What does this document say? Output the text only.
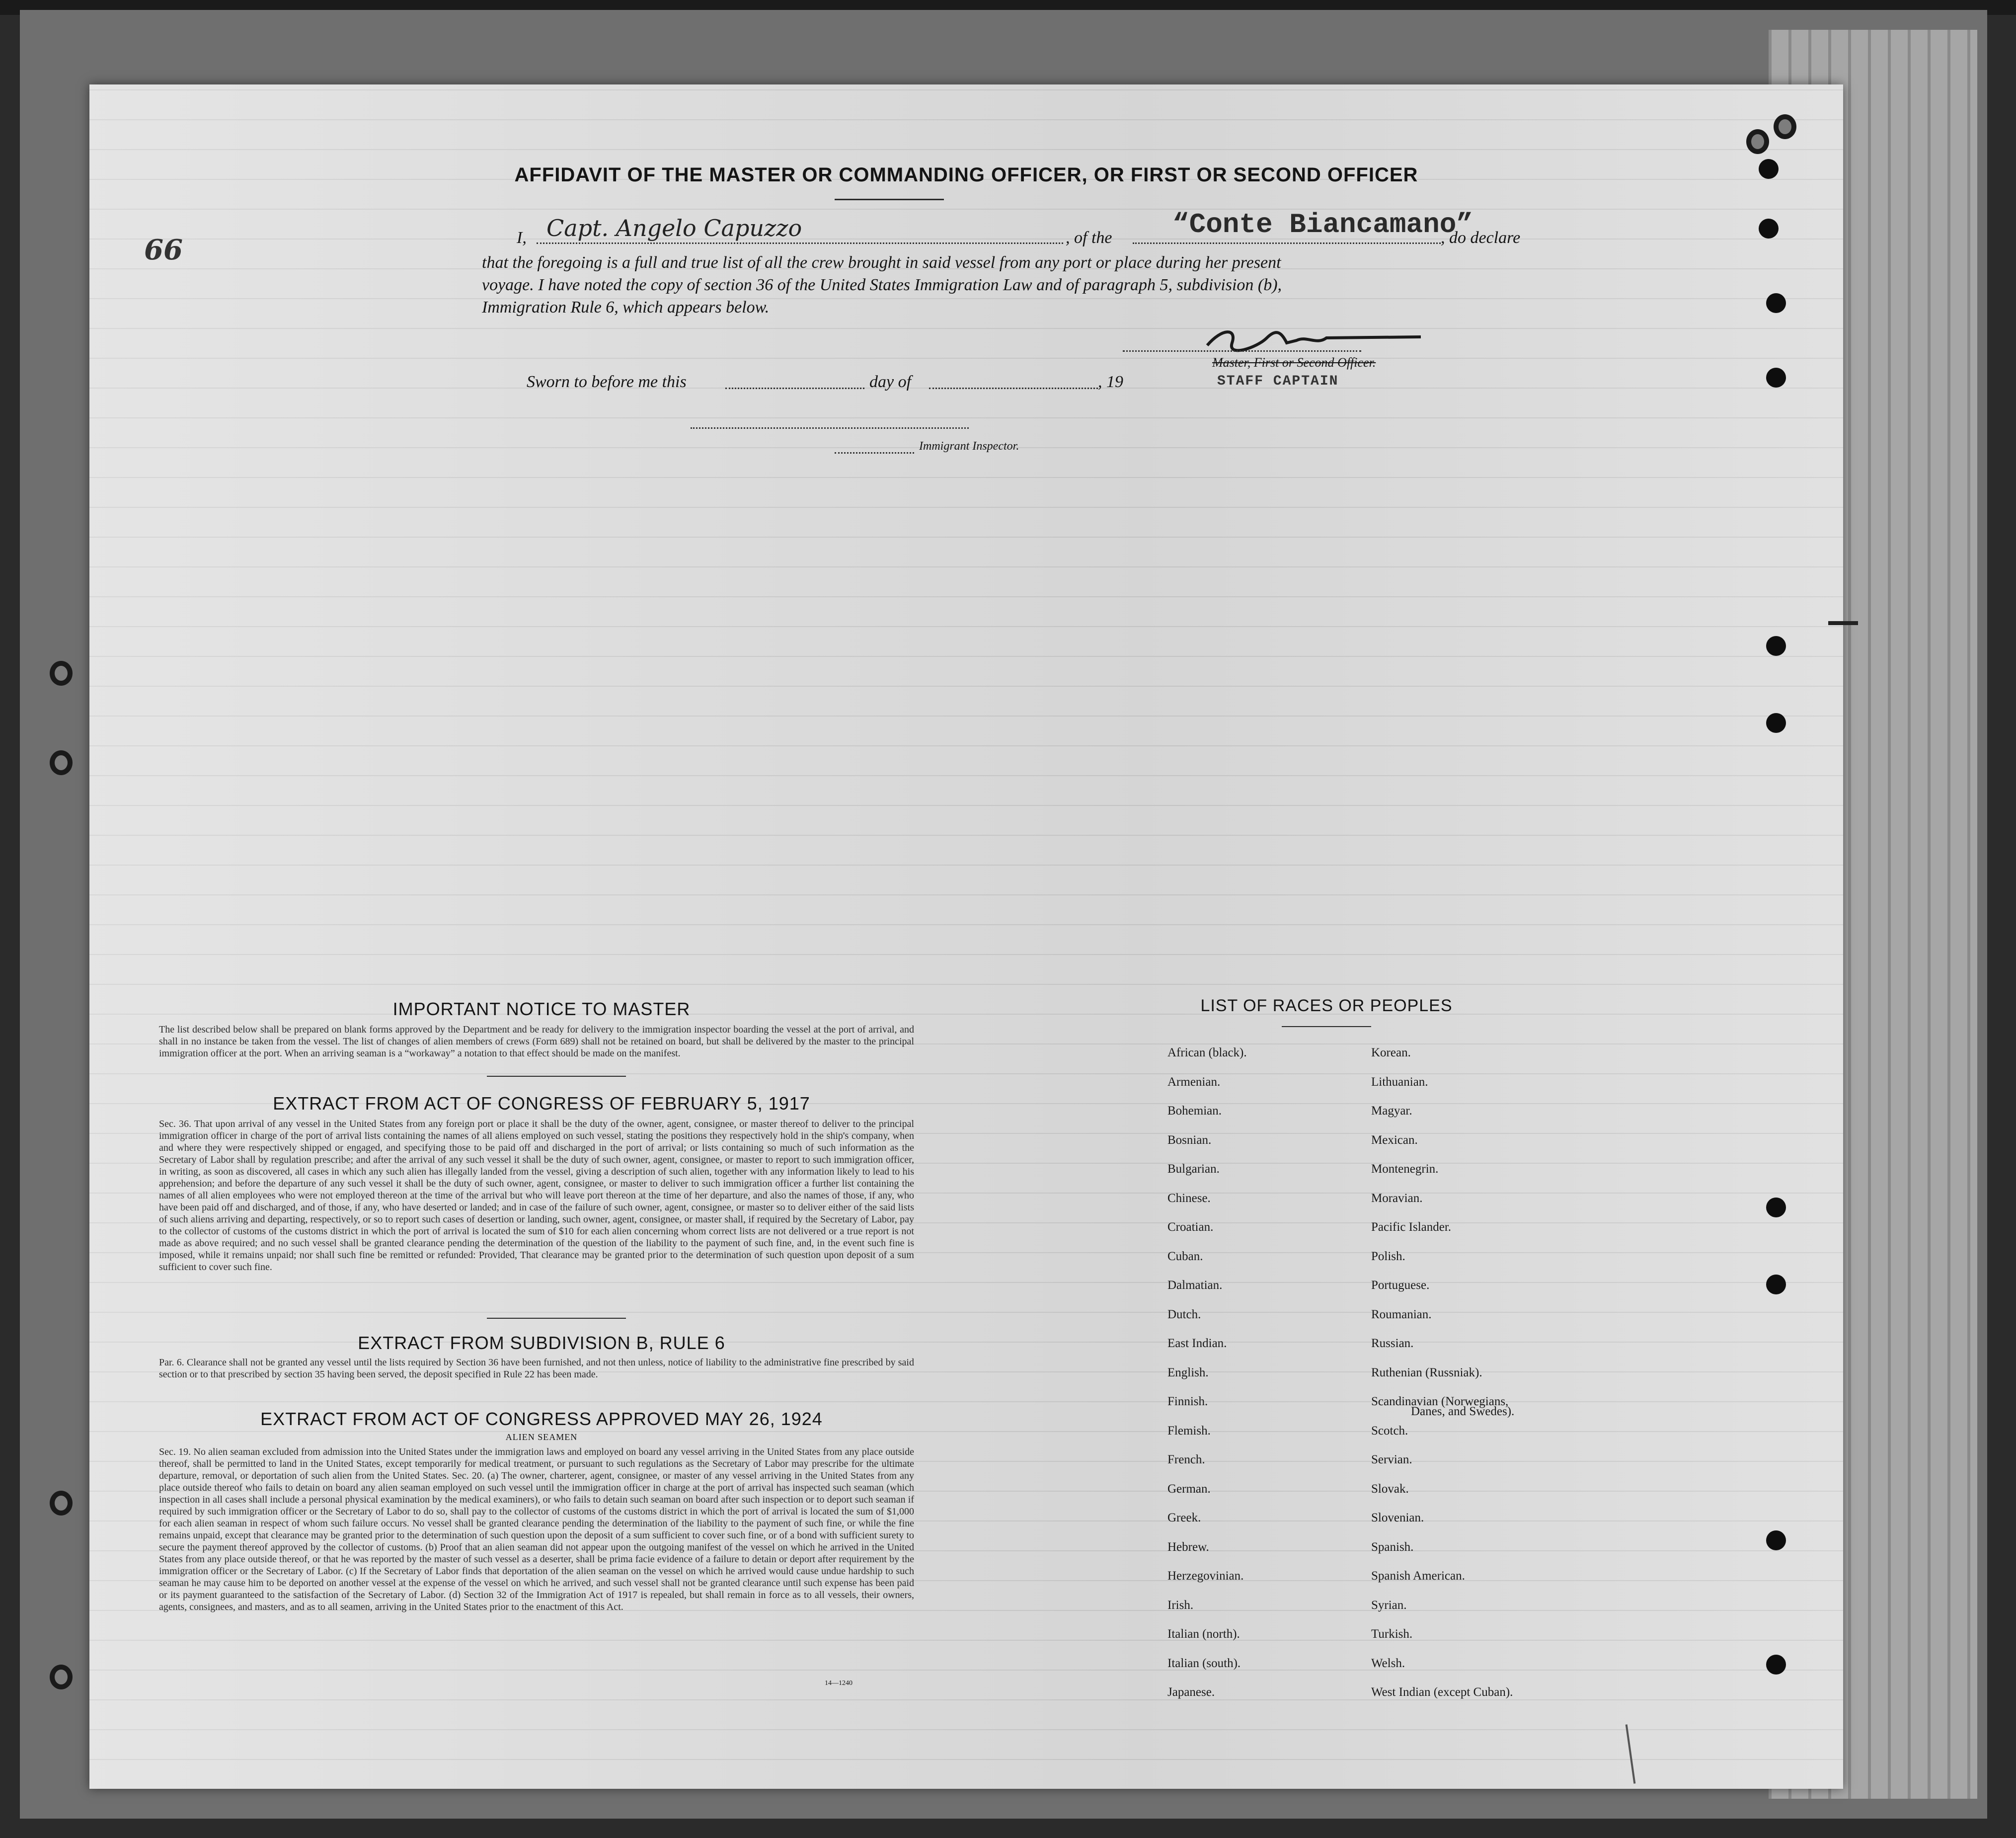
66
AFFIDAVIT OF THE MASTER OR COMMANDING OFFICER, OR FIRST OR SECOND OFFICER
I, Capt. Angelo Capuzzo	, of the “Conte Biancamano”
, do declare
that the foregoing is a full and true list of all the crew brought in said vessel from any port or place during her present
voyage. I have noted the copy of section 36 of the United States Immigration Law and of paragraph 5, subdivision (b),
Immigration Rule 6, which appears below.
Master, First or Second Officer.
STAFF CAPTAIN
Sworn to before me this	day of	, 19
Immigrant Inspector.
IMPORTANT NOTICE TO MASTER
The list described below shall be prepared on blank forms approved by the Department and be ready for delivery to the immigration inspector boarding the vessel at the port of arrival, and shall in no instance be taken from the vessel. The list of changes of alien members of crews (Form 689) shall not be retained on board, but shall be delivered by the master to the principal immigration officer at the port. When an arriving seaman is a “workaway” a notation to that effect should be made on the manifest.
EXTRACT FROM ACT OF CONGRESS OF FEBRUARY 5, 1917
Sec. 36. That upon arrival of any vessel in the United States from any foreign port or place it shall be the duty of the owner, agent, consignee, or master thereof to deliver to the principal immigration officer in charge of the port of arrival lists containing the names of all aliens employed on such vessel, stating the positions they respectively hold in the ship's company, when and where they were respectively shipped or engaged, and specifying those to be paid off and discharged in the port of arrival; or lists containing so much of such information as the Secretary of Labor shall by regulation prescribe; and after the arrival of any such vessel it shall be the duty of such owner, agent, consignee, or master to report to such immigration officer, in writing, as soon as discovered, all cases in which any such alien has illegally landed from the vessel, giving a description of such alien, together with any information likely to lead to his apprehension; and before the departure of any such vessel it shall be the duty of such owner, agent, consignee, or master to deliver to such immigration officer a further list containing the names of all alien employees who were not employed thereon at the time of the arrival but who will leave port thereon at the time of her departure, and also the names of those, if any, who have been paid off and discharged, and of those, if any, who have deserted or landed; and in case of the failure of such owner, agent, consignee, or master so to deliver either of the said lists of such aliens arriving and departing, respectively, or so to report such cases of desertion or landing, such owner, agent, consignee, or master shall, if required by the Secretary of Labor, pay to the collector of customs of the customs district in which the port of arrival is located the sum of $10 for each alien concerning whom correct lists are not delivered or a true report is not made as above required; and no such vessel shall be granted clearance pending the determination of the question of the liability to the payment of such fine, and, in the event such fine is imposed, while it remains unpaid; nor shall such fine be remitted or refunded: Provided, That clearance may be granted prior to the determination of such question upon deposit of a sum sufficient to cover such fine.
EXTRACT FROM SUBDIVISION B, RULE 6
Par. 6. Clearance shall not be granted any vessel until the lists required by Section 36 have been furnished, and not then unless, notice of liability to the administrative fine prescribed by said section or to that prescribed by section 35 having been served, the deposit specified in Rule 22 has been made.
EXTRACT FROM ACT OF CONGRESS APPROVED MAY 26, 1924
ALIEN SEAMEN
Sec. 19. No alien seaman excluded from admission into the United States under the immigration laws and employed on board any vessel arriving in the United States from any place outside thereof, shall be permitted to land in the United States, except temporarily for medical treatment, or pursuant to such regulations as the Secretary of Labor may prescribe for the ultimate departure, removal, or deportation of such alien from the United States. Sec. 20. (a) The owner, charterer, agent, consignee, or master of any vessel arriving in the United States from any place outside thereof who fails to detain on board any alien seaman employed on such vessel until the immigration officer in charge at the port of arrival has inspected such seaman (which inspection in all cases shall include a personal physical examination by the medical examiners), or who fails to detain such seaman on board after such inspection or to deport such seaman if required by such immigration officer or the Secretary of Labor to do so, shall pay to the collector of customs of the customs district in which the port of arrival is located the sum of $1,000 for each alien seaman in respect of whom such failure occurs. No vessel shall be granted clearance pending the determination of the liability to the payment of such fine, or while the fine remains unpaid, except that clearance may be granted prior to the determination of such question upon the deposit of a sum sufficient to cover such fine, or of a bond with sufficient surety to secure the payment thereof approved by the collector of customs. (b) Proof that an alien seaman did not appear upon the outgoing manifest of the vessel on which he arrived in the United States from any place outside thereof, or that he was reported by the master of such vessel as a deserter, shall be prima facie evidence of a failure to detain or deport after requirement by the immigration officer or the Secretary of Labor. (c) If the Secretary of Labor finds that deportation of the alien seaman on the vessel on which he arrived would cause undue hardship to such seaman he may cause him to be deported on another vessel at the expense of the vessel on which he arrived, and such vessel shall not be granted clearance until such expense has been paid or its payment guaranteed to the satisfaction of the Secretary of Labor. (d) Section 32 of the Immigration Act of 1917 is repealed, but shall remain in force as to all vessels, their owners, agents, consignees, and masters, and as to all seamen, arriving in the United States prior to the enactment of this Act.
14—1240
LIST OF RACES OR PEOPLES
African (black).
Armenian.
Bohemian.
Bosnian.
Bulgarian.
Chinese.
Croatian.
Cuban.
Dalmatian.
Dutch.
East Indian.
English.
Finnish.
Flemish.
French.
German.
Greek.
Hebrew.
Herzegovinian.
Irish.
Italian (north).
Italian (south).
Japanese.
Korean.
Lithuanian.
Magyar.
Mexican.
Montenegrin.
Moravian.
Pacific Islander.
Polish.
Portuguese.
Roumanian.
Russian.
Ruthenian (Russniak).
Scandinavian (Norwegians,
Scotch.
Servian.
Slovak.
Slovenian.
Spanish.
Spanish American.
Syrian.
Turkish.
Welsh.
West Indian (except Cuban).
Danes, and Swedes).
